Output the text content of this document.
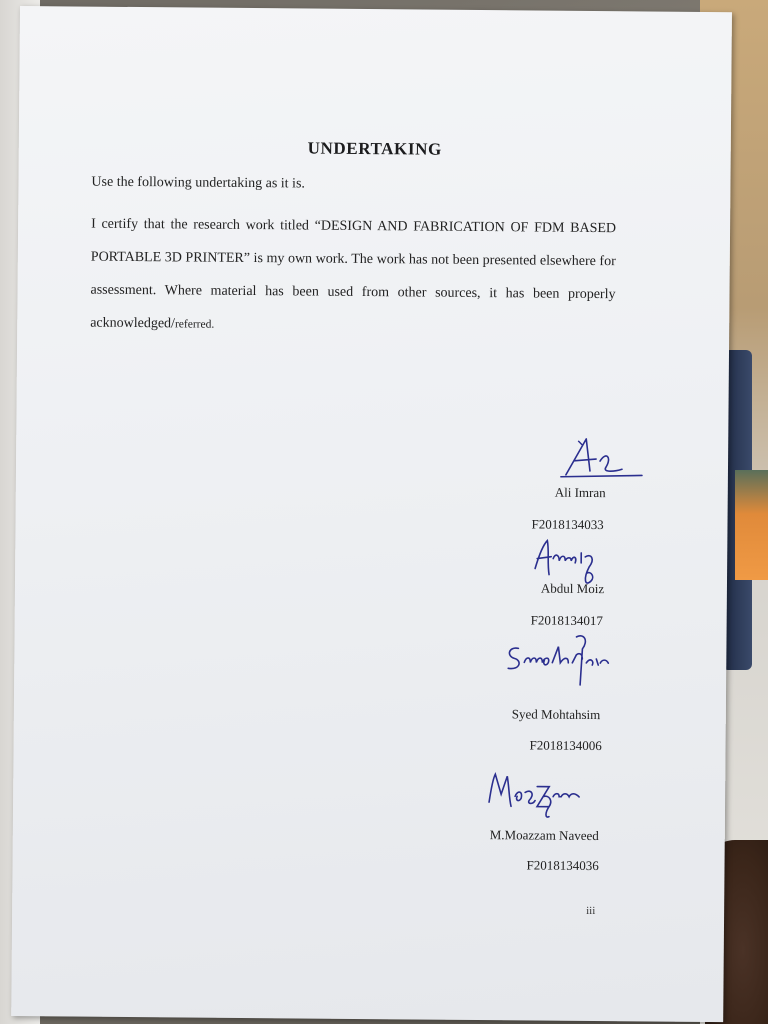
UNDERTAKING
Use the following undertaking as it is.
I certify that the research work titled “DESIGN AND FABRICATION OF FDM BASED PORTABLE 3D PRINTER” is my own work. The work has not been presented elsewhere for assessment. Where material has been used from other sources, it has been properly acknowledged/referred.
Ali Imran
F2018134033
Abdul Moiz
F2018134017
Syed Mohtahsim
F2018134006
M.Moazzam Naveed
F2018134036
iii
